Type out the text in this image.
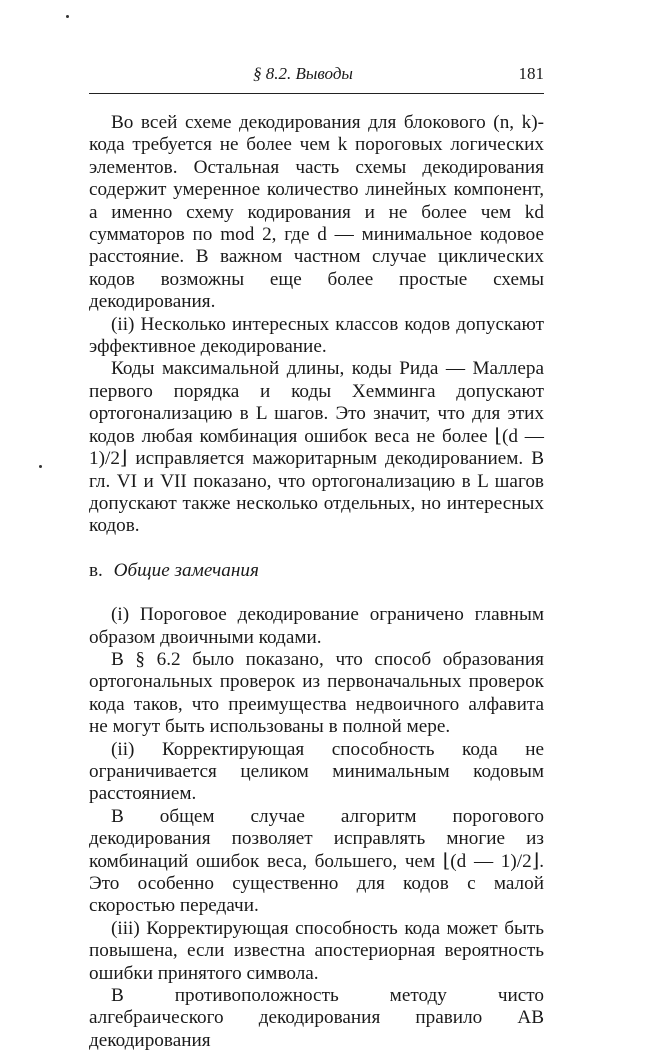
§ 8.2. Выводы	181

Во всей схеме декодирования для блокового (n, k)-кода требуется не более чем k пороговых логических элементов. Остальная часть схемы декодирования содержит умеренное количество линейных компонент, а именно схему кодирования и не более чем kd сумматоров по mod 2, где d — минимальное кодовое расстояние. В важном частном случае циклических кодов возможны еще более простые схемы декодирования.

(ii) Несколько интересных классов кодов допускают эффективное декодирование.

Коды максимальной длины, коды Рида — Маллера первого порядка и коды Хемминга допускают ортогонализацию в L шагов. Это значит, что для этих кодов любая комбинация ошибок веса не более ⌊(d — 1)/2⌋ исправляется мажоритарным декодированием. В гл. VI и VII показано, что ортогонализацию в L шагов допускают также несколько отдельных, но интересных кодов.

в. Общие замечания

(i) Пороговое декодирование ограничено главным образом двоичными кодами.

В § 6.2 было показано, что способ образования ортогональных проверок из первоначальных проверок кода таков, что преимущества недвоичного алфавита не могут быть использованы в полной мере.

(ii) Корректирующая способность кода не ограничивается целиком минимальным кодовым расстоянием.

В общем случае алгоритм порогового декодирования позволяет исправлять многие из комбинаций ошибок веса, большего, чем ⌊(d — 1)/2⌋. Это особенно существенно для кодов с малой скоростью передачи.

(iii) Корректирующая способность кода может быть повышена, если известна апостериорная вероятность ошибки принятого символа.

В противоположность методу чисто алгебраического декодирования правило АВ декодирования
